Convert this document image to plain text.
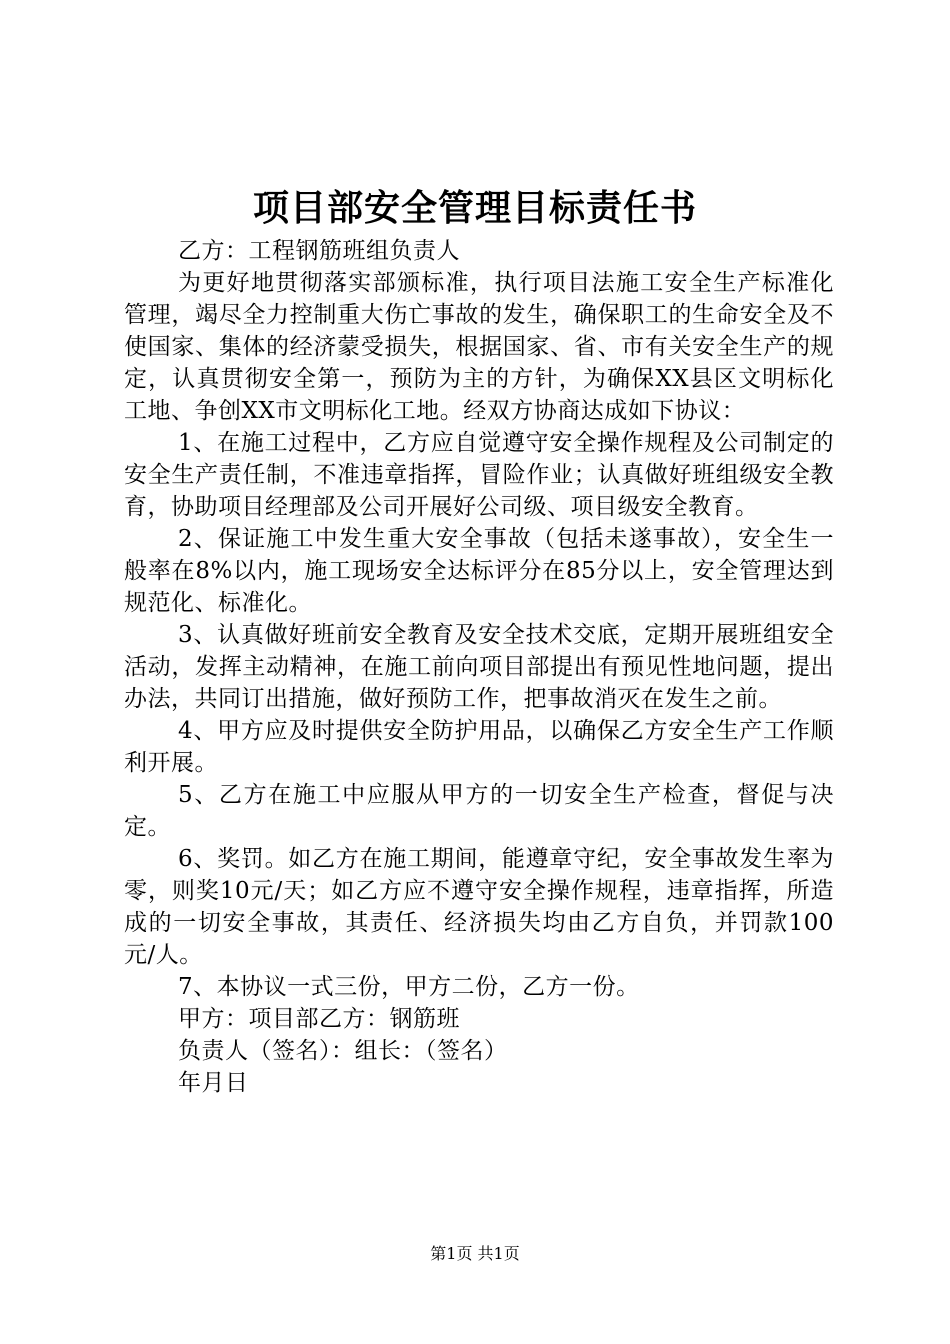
项目部安全管理目标责任书

乙方：工程钢筋班组负责人

为更好地贯彻落实部颁标准，执行项目法施工安全生产标准化管理，竭尽全力控制重大伤亡事故的发生，确保职工的生命安全及不使国家、集体的经济蒙受损失，根据国家、省、市有关安全生产的规定，认真贯彻安全第一，预防为主的方针，为确保XX县区文明标化工地、争创XX市文明标化工地。经双方协商达成如下协议：

1、在施工过程中，乙方应自觉遵守安全操作规程及公司制定的安全生产责任制，不准违章指挥，冒险作业；认真做好班组级安全教育，协助项目经理部及公司开展好公司级、项目级安全教育。

2、保证施工中发生重大安全事故（包括未遂事故），安全生一般率在8%以内，施工现场安全达标评分在85分以上，安全管理达到规范化、标准化。

3、认真做好班前安全教育及安全技术交底，定期开展班组安全活动，发挥主动精神，在施工前向项目部提出有预见性地问题，提出办法，共同订出措施，做好预防工作，把事故消灭在发生之前。

4、甲方应及时提供安全防护用品，以确保乙方安全生产工作顺利开展。

5、乙方在施工中应服从甲方的一切安全生产检查，督促与决定。

6、奖罚。如乙方在施工期间，能遵章守纪，安全事故发生率为零，则奖10元/天；如乙方应不遵守安全操作规程，违章指挥，所造成的一切安全事故，其责任、经济损失均由乙方自负，并罚款100元/人。

7、本协议一式三份，甲方二份，乙方一份。

甲方：项目部乙方：钢筋班

负责人（签名）：组长：（签名）

年月日

第1页 共1页
